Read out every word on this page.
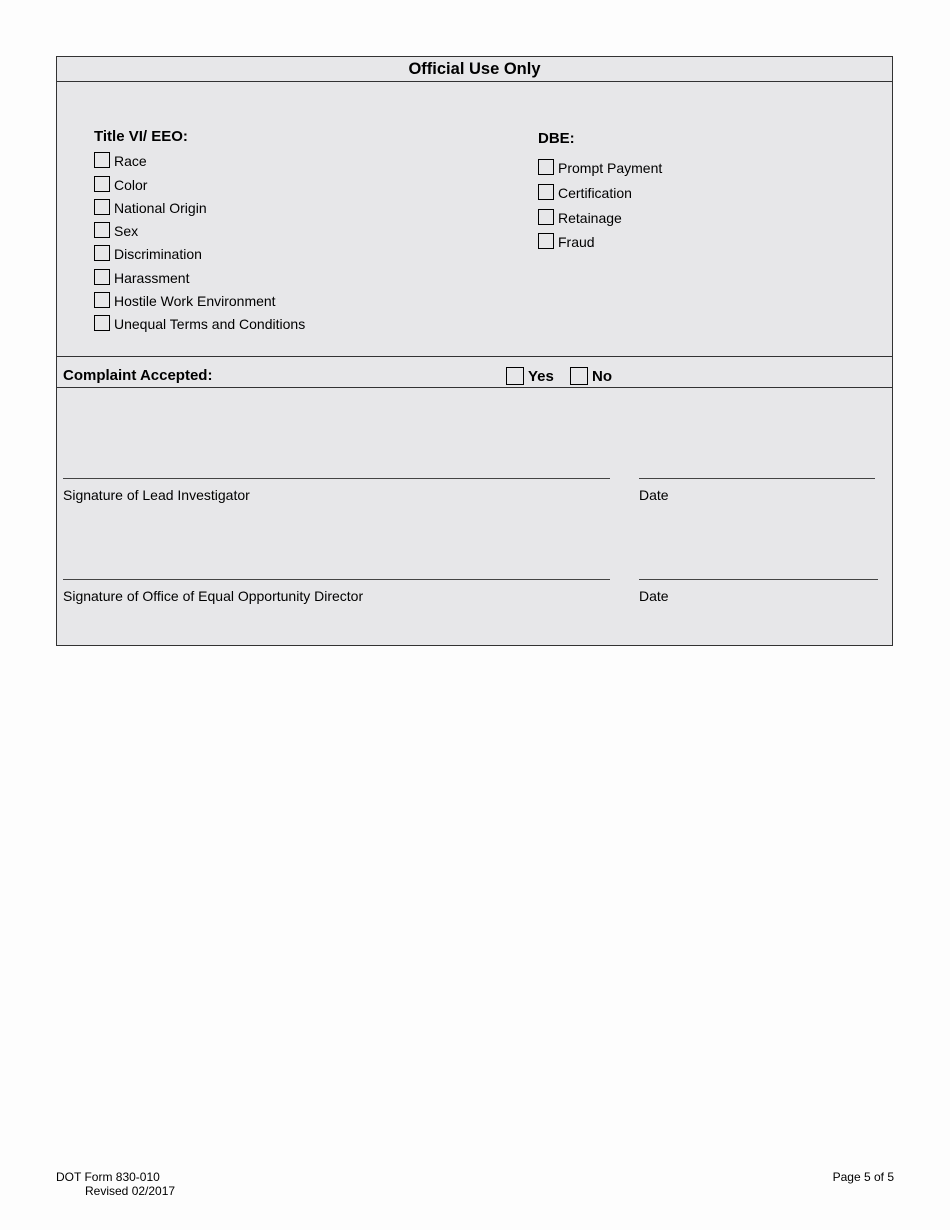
Official Use Only
Title VI/ EEO:
Race
Color
National Origin
Sex
Discrimination
Harassment
Hostile Work Environment
Unequal Terms and Conditions
DBE:
Prompt Payment
Certification
Retainage
Fraud
Complaint Accepted:	Yes	No
Signature of Lead Investigator	Date
Signature of Office of Equal Opportunity Director	Date
DOT Form 830-010
Revised 02/2017
Page 5 of 5
